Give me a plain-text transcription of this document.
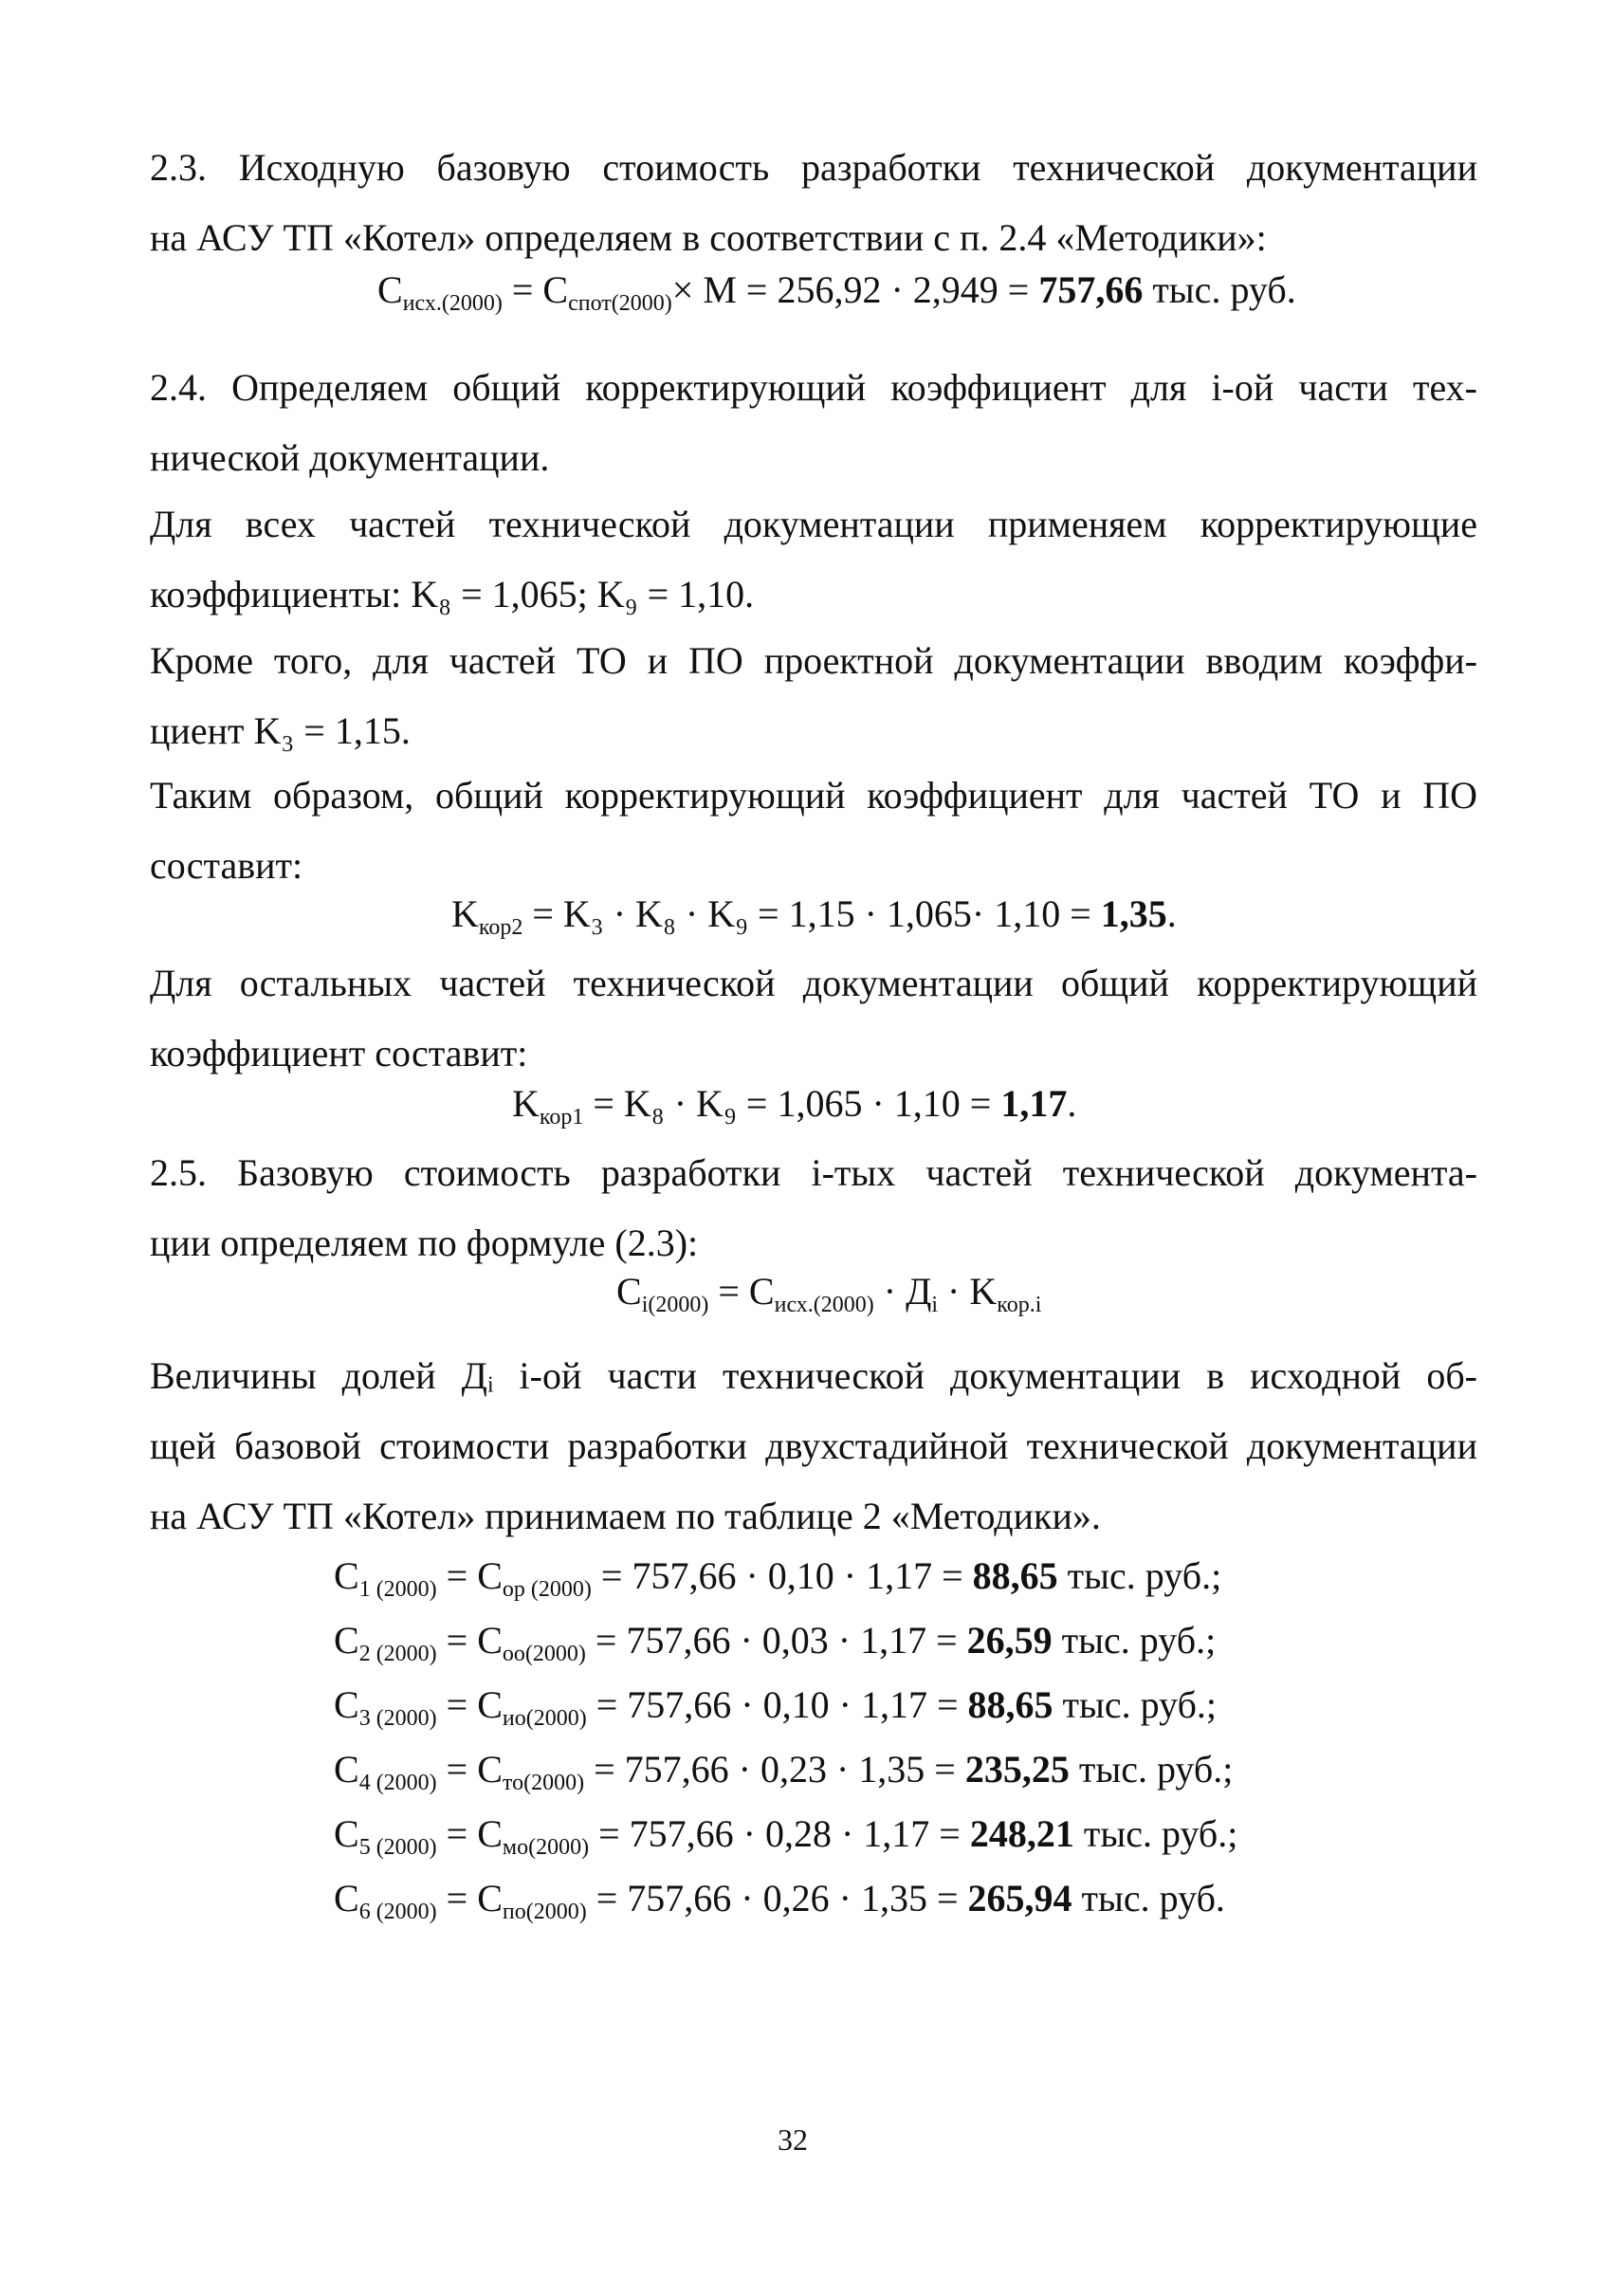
2.3. Исходную базовую стоимость разработки технической документации
на АСУ ТП «Котел» определяем в соответствии с п. 2.4 «Методики»:

$C_{исх.(2000)} = C_{спот(2000)}\times M = 256,92 \cdot 2,949 = 757,66$ тыс. руб.

2.4. Определяем общий корректирующий коэффициент для i-ой части тех-
нической документации.

Для всех частей технической документации применяем корректирующие
коэффициенты: K₈ = 1,065; K₉ = 1,10.

Кроме того, для частей ТО и ПО проектной документации вводим коэффи-
циент K₃ = 1,15.

Таким образом, общий корректирующий коэффициент для частей ТО и ПО
составит:

$K_{кор2} = K_3 \cdot K_8 \cdot K_9 = 1,15 \cdot 1,065\cdot 1,10 = 1,35$.

Для остальных частей технической документации общий корректирующий
коэффициент составит:

$K_{кор1} = K_8 \cdot K_9 = 1,065 \cdot 1,10 = 1,17$.

2.5. Базовую стоимость разработки i-тых частей технической документа-
ции определяем по формуле (2.3):

$C_{i(2000)} = C_{исх.(2000)} \cdot Д_i \cdot K_{кор.i}$

Величины долей Дᵢ i-ой части технической документации в исходной об-
щей базовой стоимости разработки двухстадийной технической документации
на АСУ ТП «Котел» принимаем по таблице 2 «Методики».

$C_{1 (2000)} = C_{ор (2000)} = 757,66 \cdot 0,10 \cdot 1,17 = 88,65$ тыс. руб.;

$C_{2 (2000)} = C_{оо(2000)} = 757,66 \cdot 0,03 \cdot 1,17 = 26,59$ тыс. руб.;

$C_{3 (2000)} = C_{ио(2000)} = 757,66 \cdot 0,10 \cdot 1,17 = 88,65$ тыс. руб.;

$C_{4 (2000)} = C_{то(2000)} = 757,66 \cdot 0,23 \cdot 1,35 = 235,25$ тыс. руб.;

$C_{5 (2000)} = C_{мо(2000)} = 757,66 \cdot 0,28 \cdot 1,17 = 248,21$ тыс. руб.;

$C_{6 (2000)} = C_{по(2000)} = 757,66 \cdot 0,26 \cdot 1,35 = 265,94$ тыс. руб.

32
